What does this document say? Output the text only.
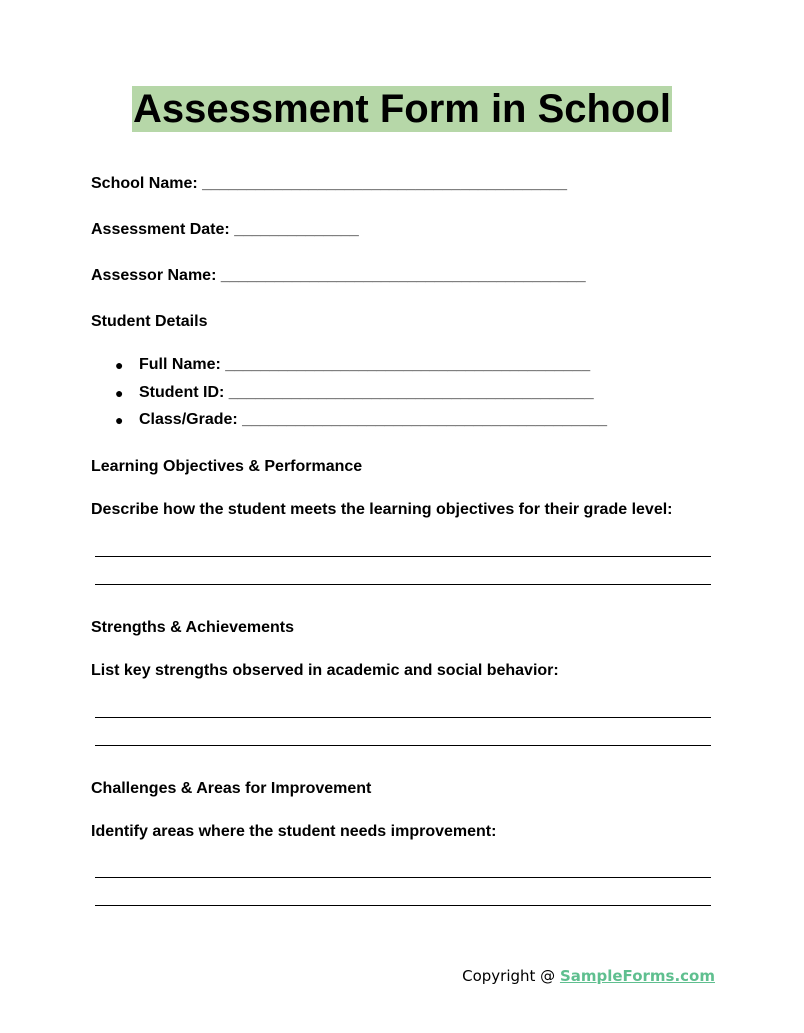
Assessment Form in School
School Name: _________________________________________
Assessment Date: ______________
Assessor Name: _________________________________________
Student Details
● Full Name: _________________________________________
● Student ID: _________________________________________
● Class/Grade: _________________________________________
Learning Objectives & Performance
Describe how the student meets the learning objectives for their grade level:
Strengths & Achievements
List key strengths observed in academic and social behavior:
Challenges & Areas for Improvement
Identify areas where the student needs improvement:
Copyright @ SampleForms.com
